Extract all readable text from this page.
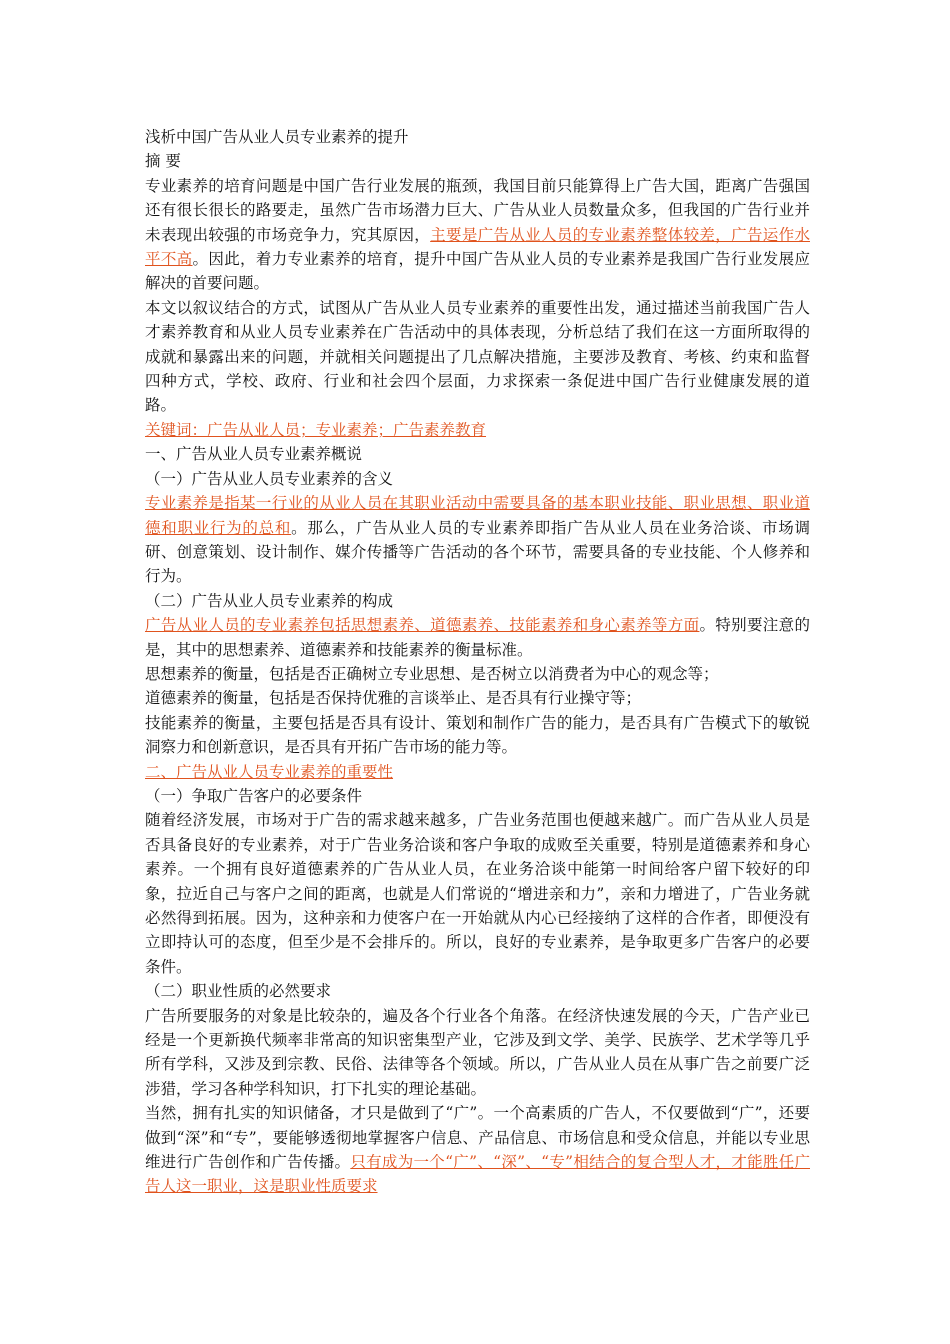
浅析中国广告从业人员专业素养的提升

摘 要

专业素养的培育问题是中国广告行业发展的瓶颈，我国目前只能算得上广告大国，距离广告强国还有很长很长的路要走，虽然广告市场潜力巨大、广告从业人员数量众多，但我国的广告行业并未表现出较强的市场竞争力，究其原因，主要是广告从业人员的专业素养整体较差，广告运作水平不高。因此，着力专业素养的培育，提升中国广告从业人员的专业素养是我国广告行业发展应解决的首要问题。

本文以叙议结合的方式，试图从广告从业人员专业素养的重要性出发，通过描述当前我国广告人才素养教育和从业人员专业素养在广告活动中的具体表现，分析总结了我们在这一方面所取得的成就和暴露出来的问题，并就相关问题提出了几点解决措施，主要涉及教育、考核、约束和监督四种方式，学校、政府、行业和社会四个层面，力求探索一条促进中国广告行业健康发展的道路。

关键词：广告从业人员；专业素养；广告素养教育

一、广告从业人员专业素养概说

（一）广告从业人员专业素养的含义

专业素养是指某一行业的从业人员在其职业活动中需要具备的基本职业技能、职业思想、职业道德和职业行为的总和。那么，广告从业人员的专业素养即指广告从业人员在业务洽谈、市场调研、创意策划、设计制作、媒介传播等广告活动的各个环节，需要具备的专业技能、个人修养和行为。

（二）广告从业人员专业素养的构成

广告从业人员的专业素养包括思想素养、道德素养、技能素养和身心素养等方面。特别要注意的是，其中的思想素养、道德素养和技能素养的衡量标准。

思想素养的衡量，包括是否正确树立专业思想、是否树立以消费者为中心的观念等；

道德素养的衡量，包括是否保持优雅的言谈举止、是否具有行业操守等；

技能素养的衡量，主要包括是否具有设计、策划和制作广告的能力，是否具有广告模式下的敏锐洞察力和创新意识，是否具有开拓广告市场的能力等。

二、广告从业人员专业素养的重要性

（一）争取广告客户的必要条件

随着经济发展，市场对于广告的需求越来越多，广告业务范围也便越来越广。而广告从业人员是否具备良好的专业素养，对于广告业务洽谈和客户争取的成败至关重要，特别是道德素养和身心素养。一个拥有良好道德素养的广告从业人员，在业务洽谈中能第一时间给客户留下较好的印象，拉近自己与客户之间的距离，也就是人们常说的“增进亲和力”，亲和力增进了，广告业务就必然得到拓展。因为，这种亲和力使客户在一开始就从内心已经接纳了这样的合作者，即便没有立即持认可的态度，但至少是不会排斥的。所以，良好的专业素养，是争取更多广告客户的必要条件。

（二）职业性质的必然要求

广告所要服务的对象是比较杂的，遍及各个行业各个角落。在经济快速发展的今天，广告产业已经是一个更新换代频率非常高的知识密集型产业，它涉及到文学、美学、民族学、艺术学等几乎所有学科，又涉及到宗教、民俗、法律等各个领域。所以，广告从业人员在从事广告之前要广泛涉猎，学习各种学科知识，打下扎实的理论基础。

当然，拥有扎实的知识储备，才只是做到了“广”。一个高素质的广告人，不仅要做到“广”，还要做到“深”和“专”，要能够透彻地掌握客户信息、产品信息、市场信息和受众信息，并能以专业思维进行广告创作和广告传播。只有成为一个“广”、“深”、“专”相结合的复合型人才，才能胜任广告人这一职业，这是职业性质要求
